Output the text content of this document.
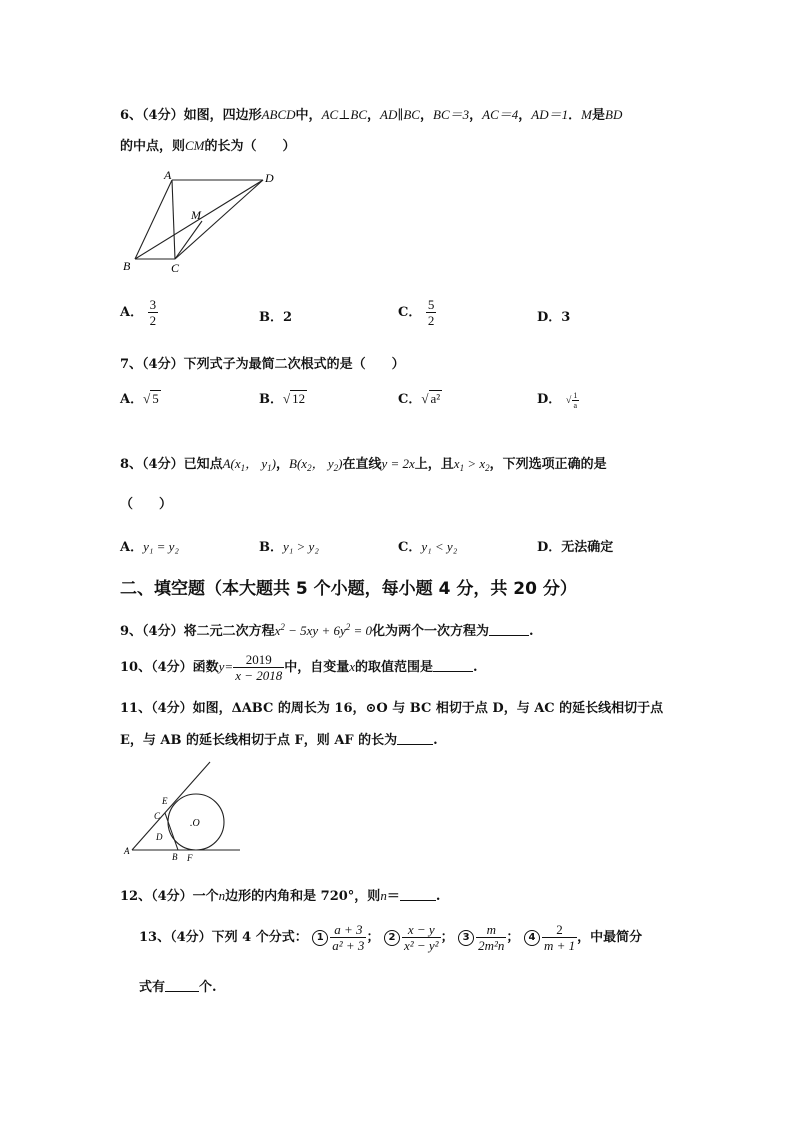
6、（4分）如图，四边形ABCD中，AC⊥BC，AD∥BC，BC＝3，AC＝4，AD＝1．M是BD
的中点，则CM的长为（　　）
A	D
M
B	C
A． $\frac{3}{2}$	B．2	C． $\frac{5}{2}$	D．3
7、（4分）下列式子为最简二次根式的是（　　）
A．√ 5	B．√ 12	C．√ a²	D． √ $\frac{1}{a}$
8、（4分）已知点$A(x_1$， $y_1$)，$B(x_2$， $y_2$)在直线y = 2x上，且$x_1 > x_2$，下列选项正确的是
（　　）
A．y₁ = y₂	B．y₁ > y₂	C．y₁ < y₂	D．无法确定
二、填空题（本大题共 5 个小题，每小题 4 分，共 20 分）
9、（4分）将二元二次方程$x^2 - 5xy + 6y^2 = 0$化为两个一次方程为	.
10、（4分）函数$y= \frac{2019}{x - 2018}$ 中，自变量x的取值范围是	.
11、（4分）如图，ΔABC 的周长为 16，⊙O 与 BC 相切于点 D，与 AC 的延长线相切于点
E，与 AB 的延长线相切于点 F，则 AF 的长为	.
E
C
D
A
B F
.O
12、（4分）一个n边形的内角和是 720°，则n＝	.
13、（4分）下列 4 个分式： $1 \frac{a + 3}{\text{a² + 3}}$ ； $2 \frac{x - y}{\text{x² − y²}}$ ； $3 \frac{m}{\text{2m²n}}$ ； $4 \frac{2}{m + 1}$ ，中最简分
式有	个.
